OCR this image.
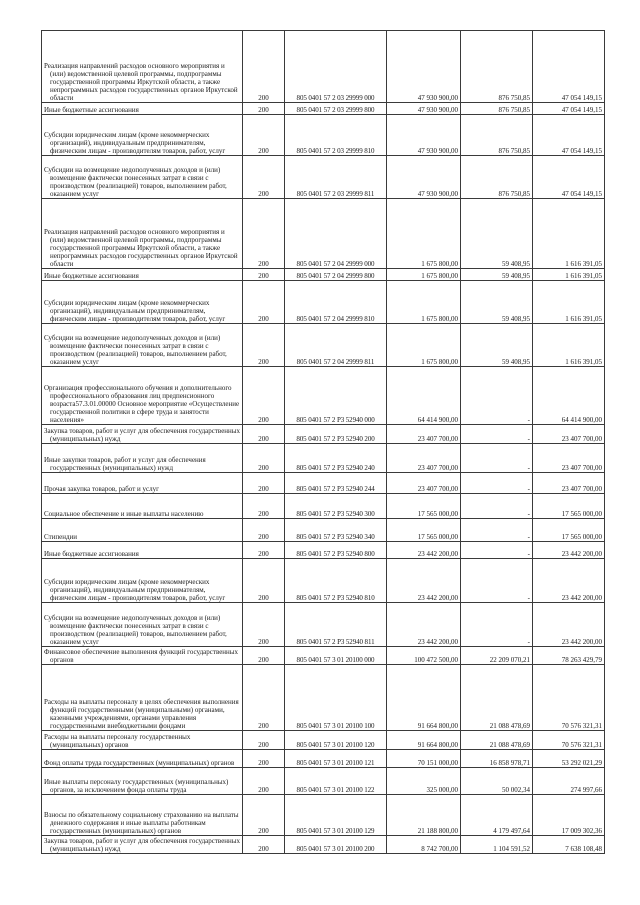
Реализация направлений расходов основного мероприятия и (или) ведомственной целевой программы, подпрограммы государственной программы Иркутской области, а также непрограммных расходов государственных органов Иркутской области	200	805 0401 57 2 03 29999 000	47 930 900,00	876 750,85	47 054 149,15

Иные бюджетные ассигнования	200	805 0401 57 2 03 29999 800	47 930 900,00	876 750,85	47 054 149,15

Субсидии юридическим лицам (кроме некоммерческих организаций), индивидуальным предпринимателям, физическим лицам - производителям товаров, работ, услуг	200	805 0401 57 2 03 29999 810	47 930 900,00	876 750,85	47 054 149,15

Субсидии на возмещение недополученных доходов и (или) возмещение фактически понесенных затрат в связи с производством (реализацией) товаров, выполнением работ, оказанием услуг	200	805 0401 57 2 03 29999 811	47 930 900,00	876 750,85	47 054 149,15

Реализация направлений расходов основного мероприятия и (или) ведомственной целевой программы, подпрограммы государственной программы Иркутской области, а также непрограммных расходов государственных органов Иркутской области	200	805 0401 57 2 04 29999 000	1 675 800,00	59 408,95	1 616 391,05

Иные бюджетные ассигнования	200	805 0401 57 2 04 29999 800	1 675 800,00	59 408,95	1 616 391,05

Субсидии юридическим лицам (кроме некоммерческих организаций), индивидуальным предпринимателям, физическим лицам - производителям товаров, работ, услуг	200	805 0401 57 2 04 29999 810	1 675 800,00	59 408,95	1 616 391,05

Субсидии на возмещение недополученных доходов и (или) возмещение фактически понесенных затрат в связи с производством (реализацией) товаров, выполнением работ, оказанием услуг	200	805 0401 57 2 04 29999 811	1 675 800,00	59 408,95	1 616 391,05

Организация профессионального обучения и дополнительного профессионального образования лиц предпенсионного возраста57.3.01.00000 Основное мероприятие «Осуществление государственной политики в сфере труда и занятости населения»	200	805 0401 57 2 P3 52940 000	64 414 900,00	-	64 414 900,00

Закупка товаров, работ и услуг для обеспечения государственных (муниципальных) нужд	200	805 0401 57 2 P3 52940 200	23 407 700,00	-	23 407 700,00

Иные закупки товаров, работ и услуг для обеспечения государственных (муниципальных) нужд	200	805 0401 57 2 P3 52940 240	23 407 700,00	-	23 407 700,00

Прочая закупка товаров, работ и услуг	200	805 0401 57 2 P3 52940 244	23 407 700,00	-	23 407 700,00

Социальное обеспечение и иные выплаты населению	200	805 0401 57 2 P3 52940 300	17 565 000,00	-	17 565 000,00

Стипендии	200	805 0401 57 2 P3 52940 340	17 565 000,00	-	17 565 000,00

Иные бюджетные ассигнования	200	805 0401 57 2 P3 52940 800	23 442 200,00	-	23 442 200,00

Субсидии юридическим лицам (кроме некоммерческих организаций), индивидуальным предпринимателям, физическим лицам - производителям товаров, работ, услуг	200	805 0401 57 2 P3 52940 810	23 442 200,00	-	23 442 200,00

Субсидии на возмещение недополученных доходов и (или) возмещение фактически понесенных затрат в связи с производством (реализацией) товаров, выполнением работ, оказанием услуг	200	805 0401 57 2 P3 52940 811	23 442 200,00	-	23 442 200,00

Финансовое обеспечение выполнения функций государственных органов	200	805 0401 57 3 01 20100 000	100 472 500,00	22 209 070,21	78 263 429,79

Расходы на выплаты персоналу в целях обеспечения выполнения функций государственными (муниципальными) органами, казенными учреждениями, органами управления государственными внебюджетными фондами	200	805 0401 57 3 01 20100 100	91 664 800,00	21 088 478,69	70 576 321,31

Расходы на выплаты персоналу государственных (муниципальных) органов	200	805 0401 57 3 01 20100 120	91 664 800,00	21 088 478,69	70 576 321,31

Фонд оплаты труда государственных (муниципальных) органов	200	805 0401 57 3 01 20100 121	70 151 000,00	16 858 978,71	53 292 021,29

Иные выплаты персоналу государственных (муниципальных) органов, за исключением фонда оплаты труда	200	805 0401 57 3 01 20100 122	325 000,00	50 002,34	274 997,66

Взносы по обязательному социальному страхованию на выплаты денежного содержания и иные выплаты работникам государственных (муниципальных) органов	200	805 0401 57 3 01 20100 129	21 188 800,00	4 179 497,64	17 009 302,36

Закупка товаров, работ и услуг для обеспечения государственных (муниципальных) нужд	200	805 0401 57 3 01 20100 200	8 742 700,00	1 104 591,52	7 638 108,48
